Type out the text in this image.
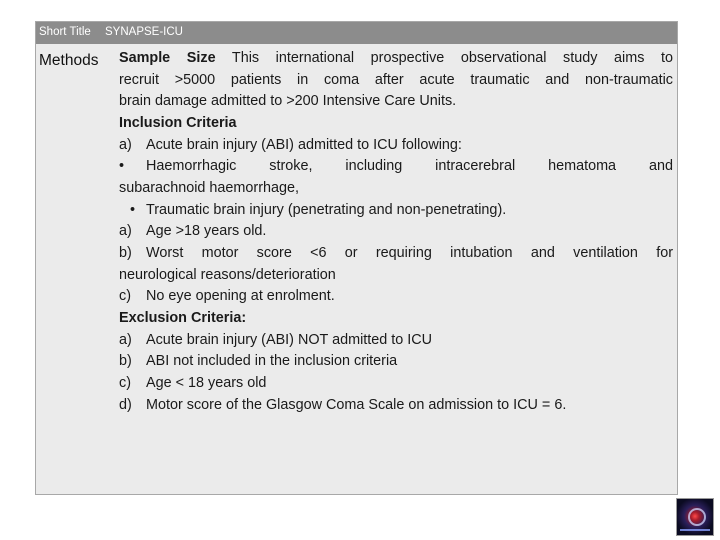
Short Title SYNAPSE-ICU
Methods Sample Size This international prospective observational study aims to

recruit >5000 patients in coma after acute traumatic and non-traumatic

brain damage admitted to >200 Intensive Care Units.

Inclusion Criteria

a) Acute brain injury (ABI) admitted to ICU following:

• Haemorrhagic stroke, including intracerebral hematoma and

subarachnoid haemorrhage,

• Traumatic brain injury (penetrating and non-penetrating).

a) Age >18 years old.

b) Worst motor score <6 or requiring intubation and ventilation for

neurological reasons/deterioration

c) No eye opening at enrolment.

Exclusion Criteria:

a) Acute brain injury (ABI) NOT admitted to ICU

b) ABI not included in the inclusion criteria

c) Age < 18 years old

d) Motor score of the Glasgow Coma Scale on admission to ICU = 6.
